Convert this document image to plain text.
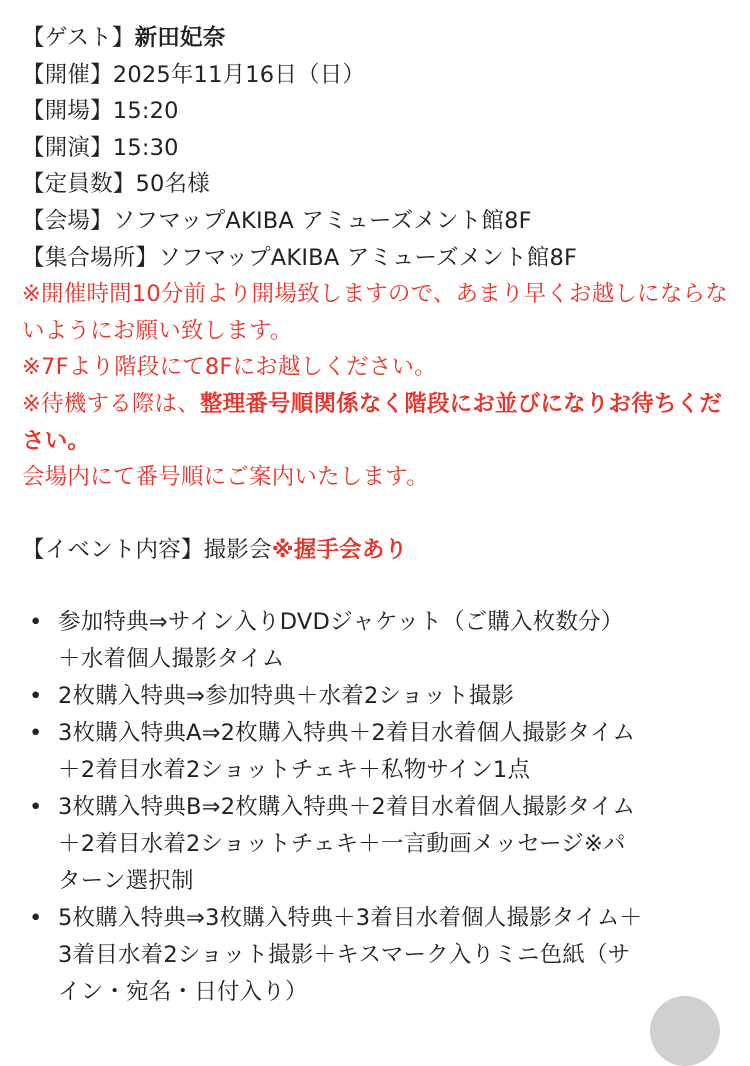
【ゲスト】新田妃奈
【開催】2025年11月16日（日）
【開場】15:20
【開演】15:30
【定員数】50名様
【会場】ソフマップAKIBA アミューズメント館8F
【集合場所】ソフマップAKIBA アミューズメント館8F
※開催時間10分前より開場致しますので、あまり早くお越しにならないようにお願い致します。
※7Fより階段にて8Fにお越しください。
※待機する際は、整理番号順関係なく階段にお並びになりお待ちください。
会場内にて番号順にご案内いたします。
【イベント内容】撮影会※握手会あり
• 参加特典⇒サイン入りDVDジャケット（ご購入枚数分）
＋水着個人撮影タイム
• 2枚購入特典⇒参加特典＋水着2ショット撮影
• 3枚購入特典A⇒2枚購入特典＋2着目水着個人撮影タイム
＋2着目水着2ショットチェキ＋私物サイン1点
• 3枚購入特典B⇒2枚購入特典＋2着目水着個人撮影タイム
＋2着目水着2ショットチェキ＋一言動画メッセージ※パ
ターン選択制
• 5枚購入特典⇒3枚購入特典＋3着目水着個人撮影タイム＋
3着目水着2ショット撮影＋キスマーク入りミニ色紙（サ
イン・宛名・日付入り）
